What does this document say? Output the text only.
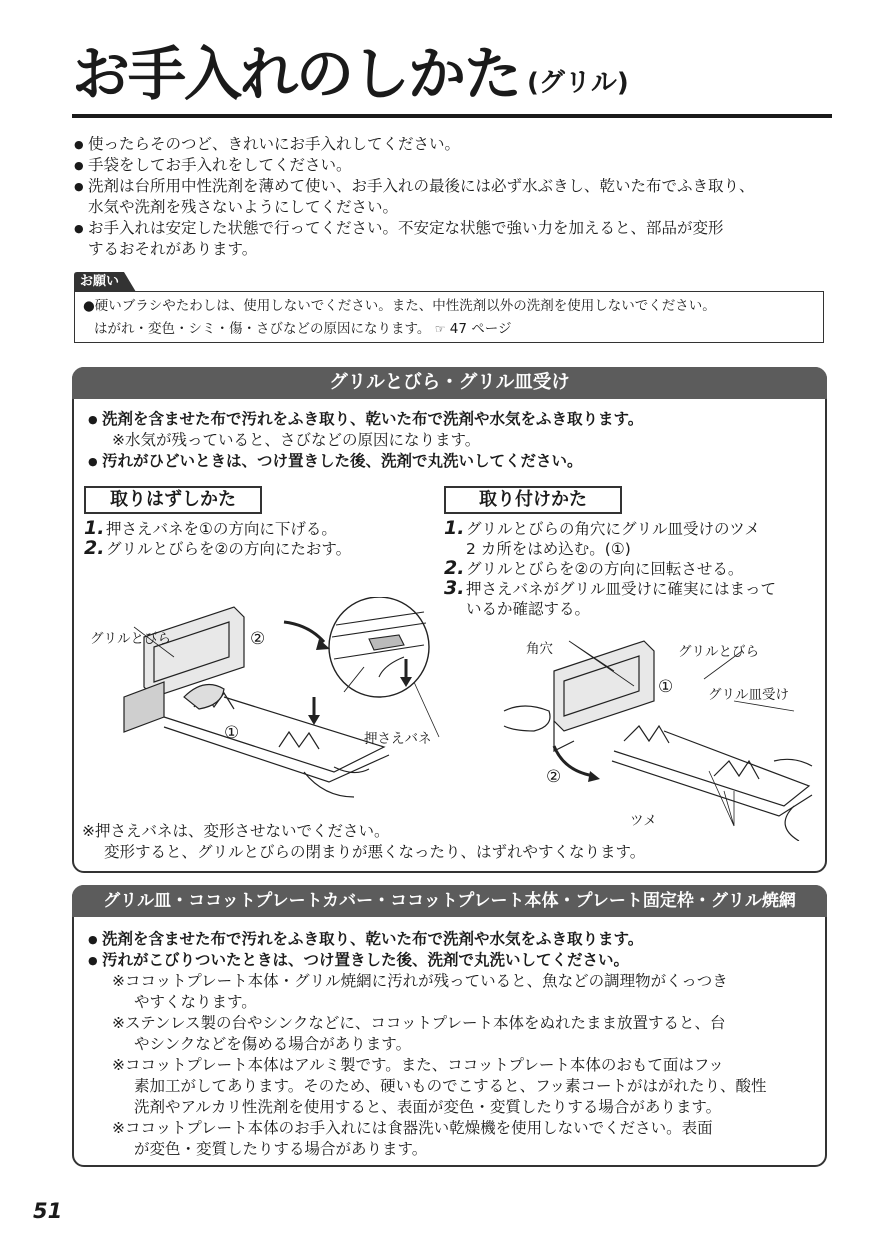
お手入れのしかた (グリル)
● 使ったらそのつど、きれいにお手入れしてください。
● 手袋をしてお手入れをしてください。
● 洗剤は台所用中性洗剤を薄めて使い、お手入れの最後には必ず水ぶきし、乾いた布でふき取り、
水気や洗剤を残さないようにしてください。
● お手入れは安定した状態で行ってください。不安定な状態で強い力を加えると、部品が変形
するおそれがあります。
お願い
●硬いブラシやたわしは、使用しないでください。また、中性洗剤以外の洗剤を使用しないでください。
はがれ・変色・シミ・傷・さびなどの原因になります。 ☞ 47 ページ
グリルとびら・グリル皿受け
● 洗剤を含ませた布で汚れをふき取り、乾いた布で洗剤や水気をふき取ります。
※水気が残っていると、さびなどの原因になります。
● 汚れがひどいときは、つけ置きした後、洗剤で丸洗いしてください。
取りはずしかた
1. 押さえバネを①の方向に下げる。
2. グリルとびらを②の方向にたおす。
グリルとびら	②
①	押さえバネ
取り付けかた
1. グリルとびらの角穴にグリル皿受けのツメ
2 カ所をはめ込む。(①)
2. グリルとびらを②の方向に回転させる。
3. 押さえバネがグリル皿受けに確実にはまって
いるか確認する。
角穴	グリルとびら
①	グリル皿受け
②
ツメ
※押さえバネは、変形させないでください。
変形すると、グリルとびらの閉まりが悪くなったり、はずれやすくなります。
グリル皿・ココットプレートカバー・ココットプレート本体・プレート固定枠・グリル焼網
● 洗剤を含ませた布で汚れをふき取り、乾いた布で洗剤や水気をふき取ります。
● 汚れがこびりついたときは、つけ置きした後、洗剤で丸洗いしてください。
※ココットプレート本体・グリル焼網に汚れが残っていると、魚などの調理物がくっつき
やすくなります。
※ステンレス製の台やシンクなどに、ココットプレート本体をぬれたまま放置すると、台
やシンクなどを傷める場合があります。
※ココットプレート本体はアルミ製です。また、ココットプレート本体のおもて面はフッ
素加工がしてあります。そのため、硬いものでこすると、フッ素コートがはがれたり、酸性
洗剤やアルカリ性洗剤を使用すると、表面が変色・変質したりする場合があります。
※ココットプレート本体のお手入れには食器洗い乾燥機を使用しないでください。表面
が変色・変質したりする場合があります。
51
